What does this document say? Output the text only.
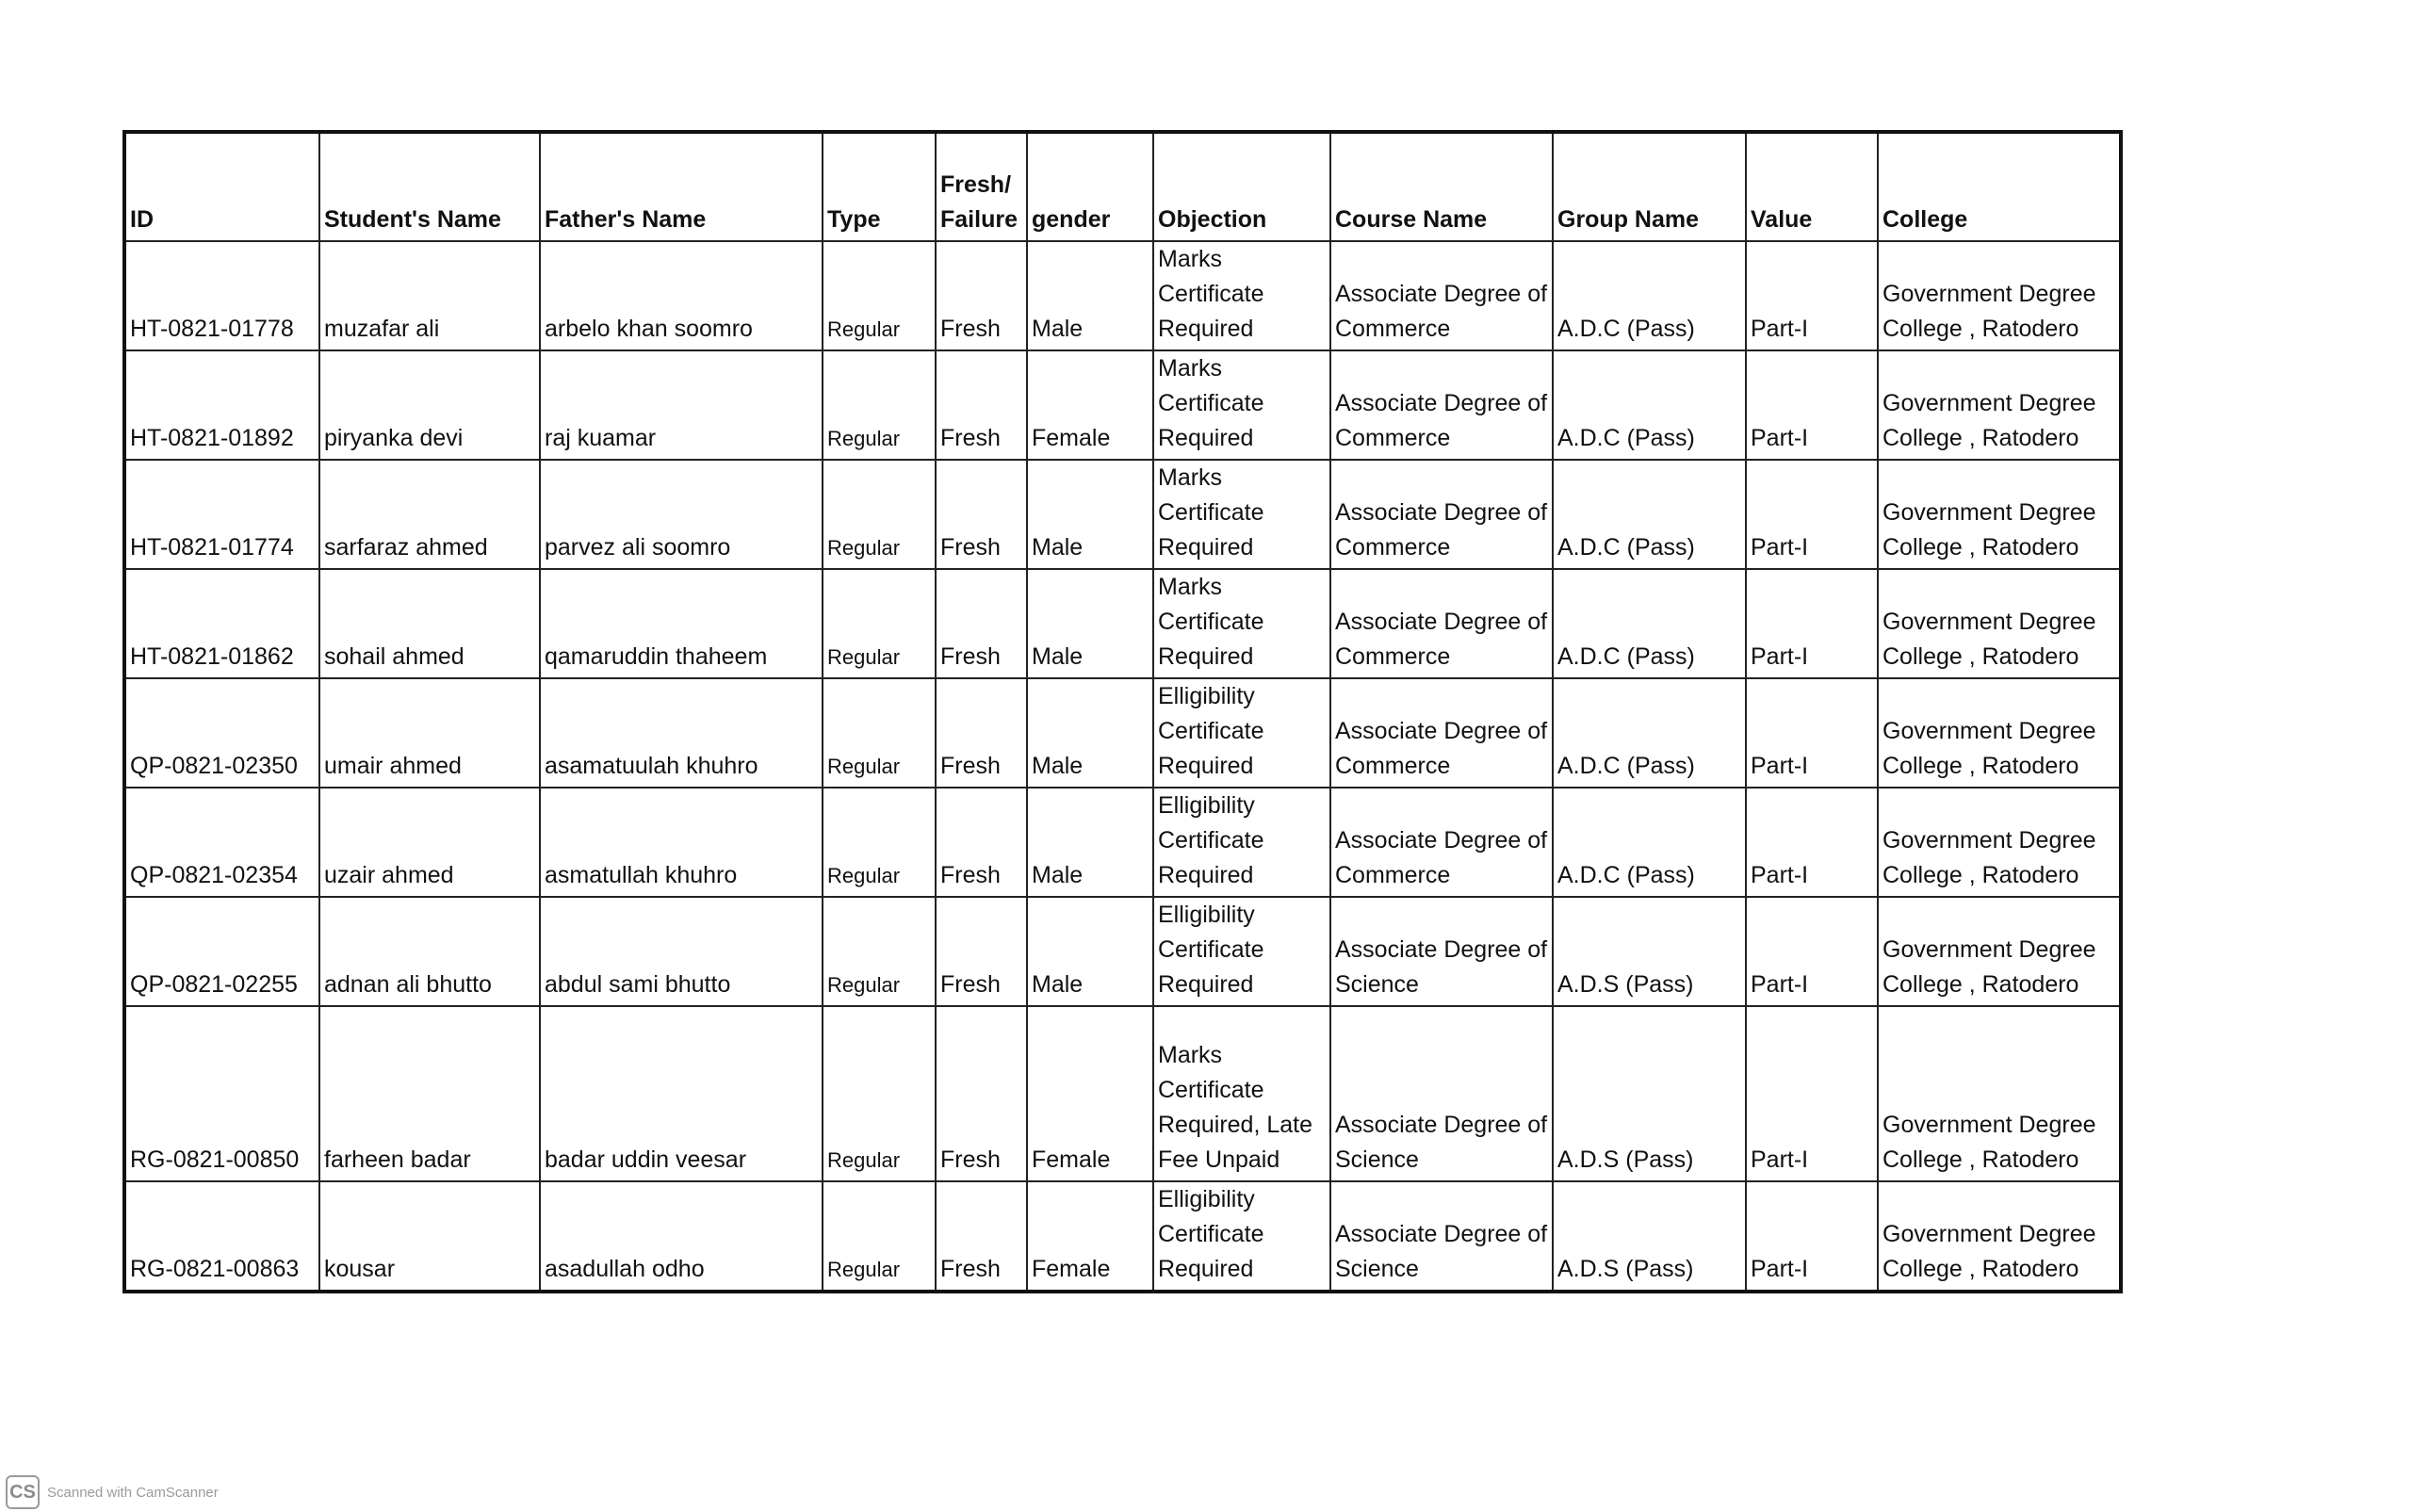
ID	Student's Name	Father's Name	Type	Fresh/ Failure	gender	Objection	Course Name	Group Name	Value	College
HT-0821-01778	muzafar ali	arbelo khan soomro	Regular	Fresh	Male	Marks Certificate Required	Associate Degree of Commerce	A.D.C (Pass)	Part-I	Government Degree College , Ratodero
HT-0821-01892	piryanka devi	raj kuamar	Regular	Fresh	Female	Marks Certificate Required	Associate Degree of Commerce	A.D.C (Pass)	Part-I	Government Degree College , Ratodero
HT-0821-01774	sarfaraz ahmed	parvez ali soomro	Regular	Fresh	Male	Marks Certificate Required	Associate Degree of Commerce	A.D.C (Pass)	Part-I	Government Degree College , Ratodero
HT-0821-01862	sohail ahmed	qamaruddin thaheem	Regular	Fresh	Male	Marks Certificate Required	Associate Degree of Commerce	A.D.C (Pass)	Part-I	Government Degree College , Ratodero
QP-0821-02350	umair ahmed	asamatuulah khuhro	Regular	Fresh	Male	Elligibility Certificate Required	Associate Degree of Commerce	A.D.C (Pass)	Part-I	Government Degree College , Ratodero
QP-0821-02354	uzair ahmed	asmatullah khuhro	Regular	Fresh	Male	Elligibility Certificate Required	Associate Degree of Commerce	A.D.C (Pass)	Part-I	Government Degree College , Ratodero
QP-0821-02255	adnan ali bhutto	abdul sami bhutto	Regular	Fresh	Male	Elligibility Certificate Required	Associate Degree of Science	A.D.S (Pass)	Part-I	Government Degree College , Ratodero
RG-0821-00850	farheen badar	badar uddin veesar	Regular	Fresh	Female	Marks Certificate Required, Late Fee Unpaid	Associate Degree of Science	A.D.S (Pass)	Part-I	Government Degree College , Ratodero
RG-0821-00863	kousar	asadullah odho	Regular	Fresh	Female	Elligibility Certificate Required	Associate Degree of Science	A.D.S (Pass)	Part-I	Government Degree College , Ratodero
CS Scanned with CamScanner
